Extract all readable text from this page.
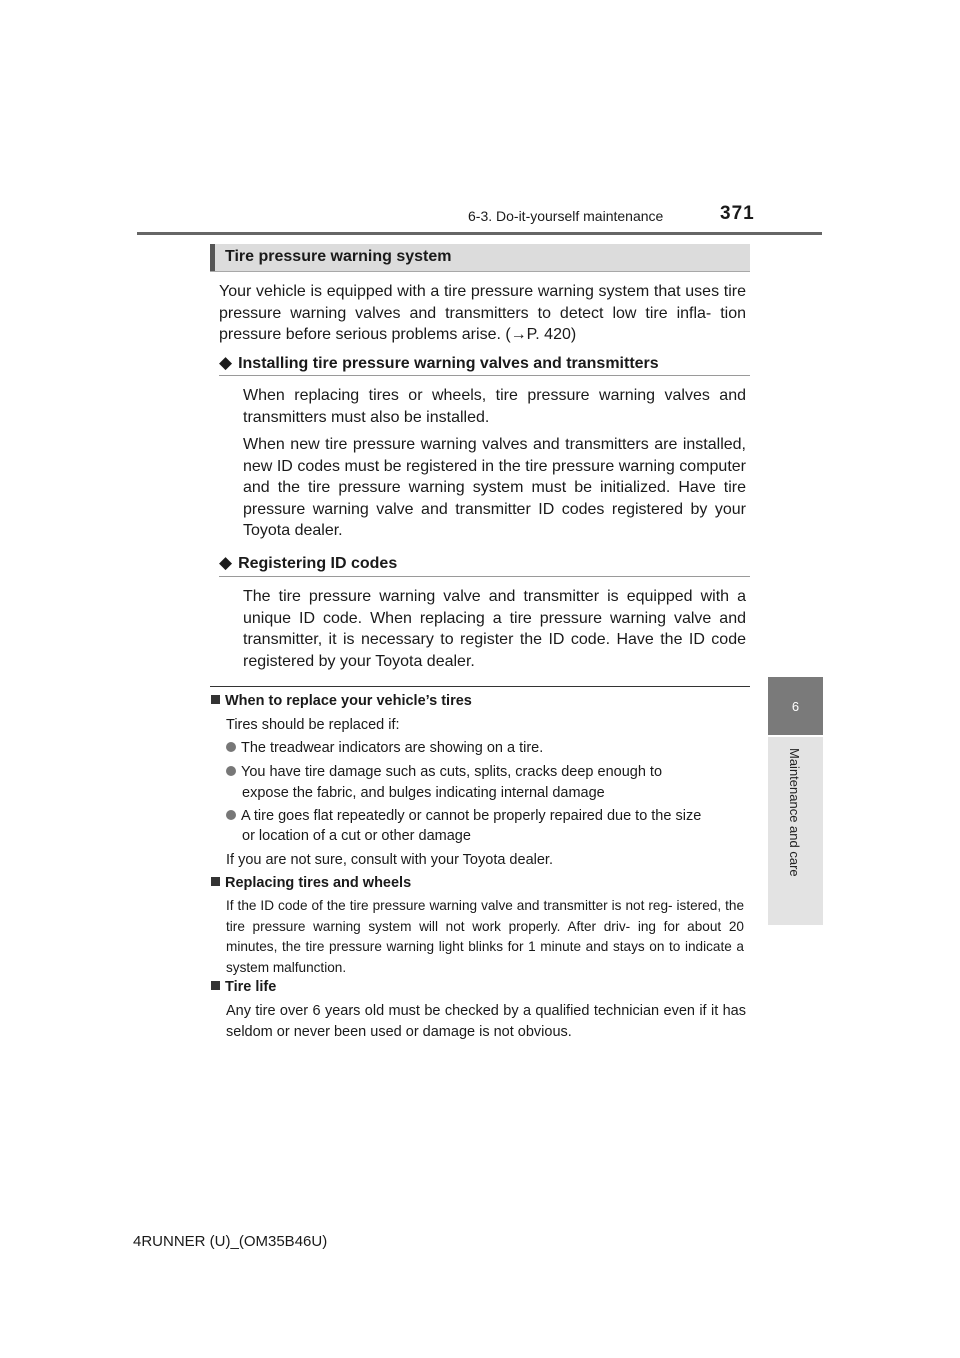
6-3. Do-it-yourself maintenance	371
6
Maintenance and care
Tire pressure warning system
Your vehicle is equipped with a tire pressure warning system that uses tire pressure warning valves and transmitters to detect low tire infla- tion pressure before serious problems arise. (→P. 420)
◆ Installing tire pressure warning valves and transmitters
When replacing tires or wheels, tire pressure warning valves and transmitters must also be installed.
When new tire pressure warning valves and transmitters are installed, new ID codes must be registered in the tire pressure warning computer and the tire pressure warning system must be initialized. Have tire pressure warning valve and transmitter ID codes registered by your Toyota dealer.
◆ Registering ID codes
The tire pressure warning valve and transmitter is equipped with a unique ID code. When replacing a tire pressure warning valve and transmitter, it is necessary to register the ID code. Have the ID code registered by your Toyota dealer.
When to replace your vehicle’s tires
Tires should be replaced if:
The treadwear indicators are showing on a tire.
You have tire damage such as cuts, splits, cracks deep enough to
expose the fabric, and bulges indicating internal damage
A tire goes flat repeatedly or cannot be properly repaired due to the size
or location of a cut or other damage
If you are not sure, consult with your Toyota dealer.
Replacing tires and wheels
If the ID code of the tire pressure warning valve and transmitter is not reg- istered, the tire pressure warning system will not work properly. After driv- ing for about 20 minutes, the tire pressure warning light blinks for 1 minute and stays on to indicate a system malfunction.
Tire life
Any tire over 6 years old must be checked by a qualified technician even if it has seldom or never been used or damage is not obvious.
4RUNNER (U)_(OM35B46U)
